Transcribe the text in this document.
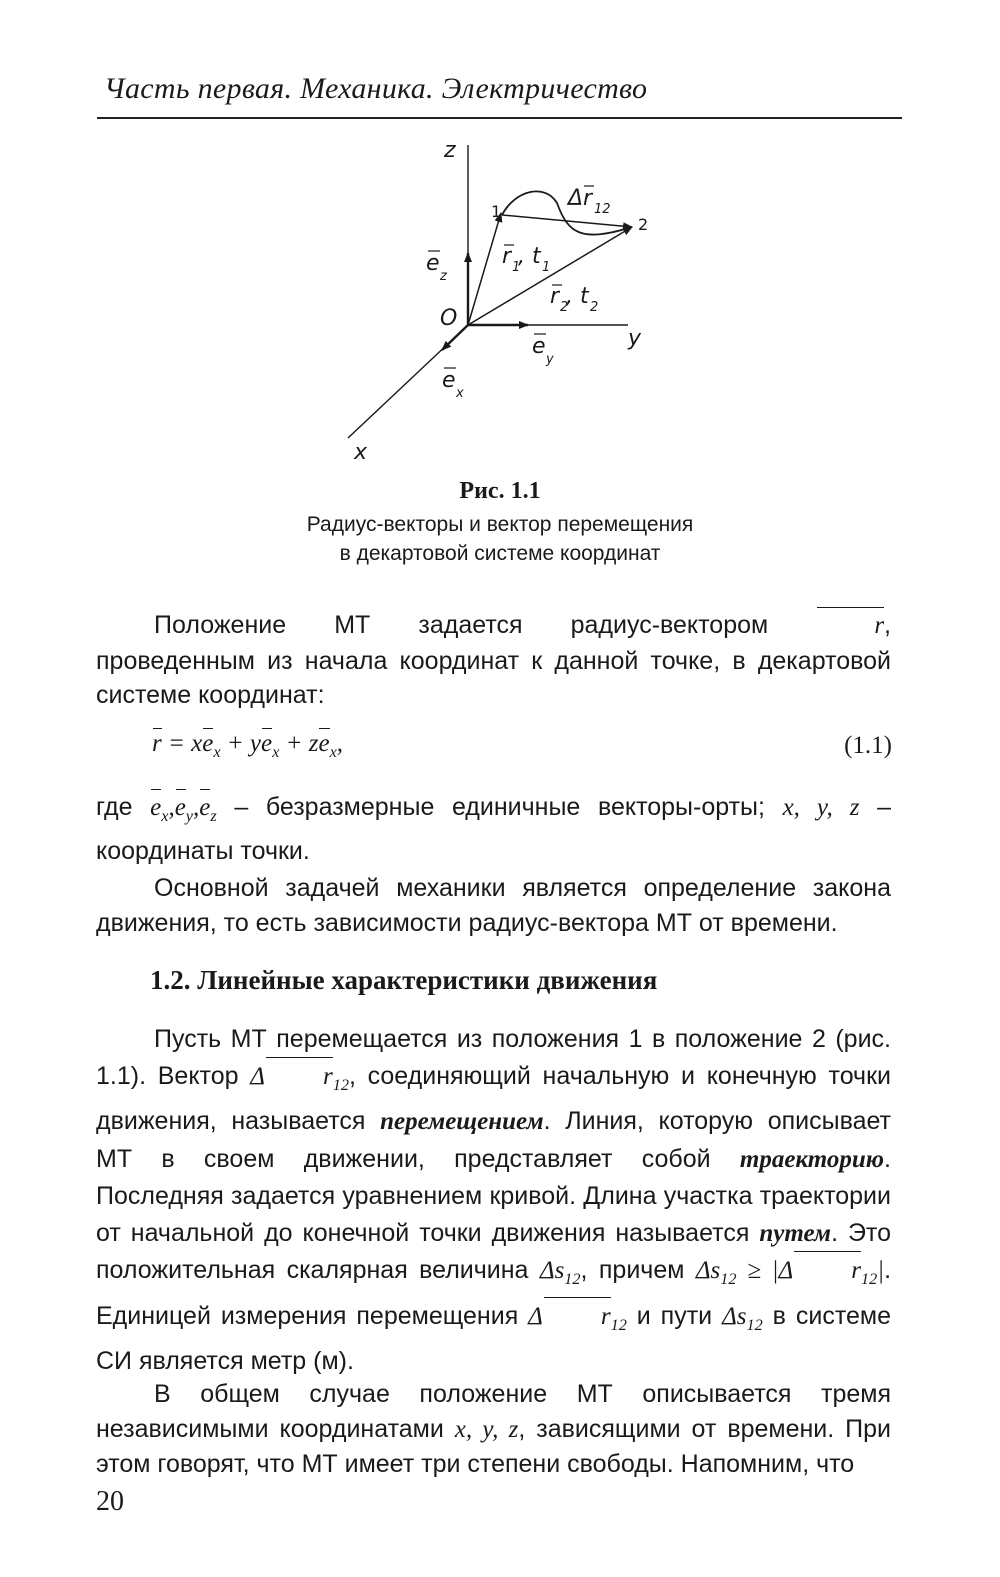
Часть первая. Механика. Электричество
z
y
x
O
1
2
e
z
e
y
e
x
Δr 12
r 1
, t 1
r 2
, t 2
Рис. 1.1
Радиус-векторы и вектор перемещения
в декартовой системе координат

Положение МТ задается радиус-вектором	r, проведенным из начала координат к данной точке, в декартовой системе координат:

$r = xe_x + ye_x + ze_x$,	(1.1)

где $e_x,e_y,e_z$ – безразмерные единичные векторы-орты; x, y, z – координаты точки.

Основной задачей механики является определение закона движения, то есть зависимости радиус-вектора МТ от времени.

1.2. Линейные характеристики движения

Пусть МТ перемещается из положения 1 в положение 2 (рис. 1.1). Вектор Δ $r_{12}$, соединяющий начальную и конечную точки движения, называется перемещением. Линия, которую описывает МТ в своем движении, представляет собой траекторию. Последняя задается уравнением кривой. Длина участка траектории от начальной до конечной точки движения называется путем. Это положительная скалярная величина $\Delta s_{12}$, причем $\Delta s_{12} \ge |\Delta$ $r_{12}|$. Единицей измерения перемещения Δ $r_{12}$ и пути $\Delta s_{12}$ в системе СИ является метр (м).

В общем случае положение МТ описывается тремя независимыми координатами x, y, z, зависящими от времени. При этом говорят, что МТ имеет три степени свободы. Напомним, что

20
